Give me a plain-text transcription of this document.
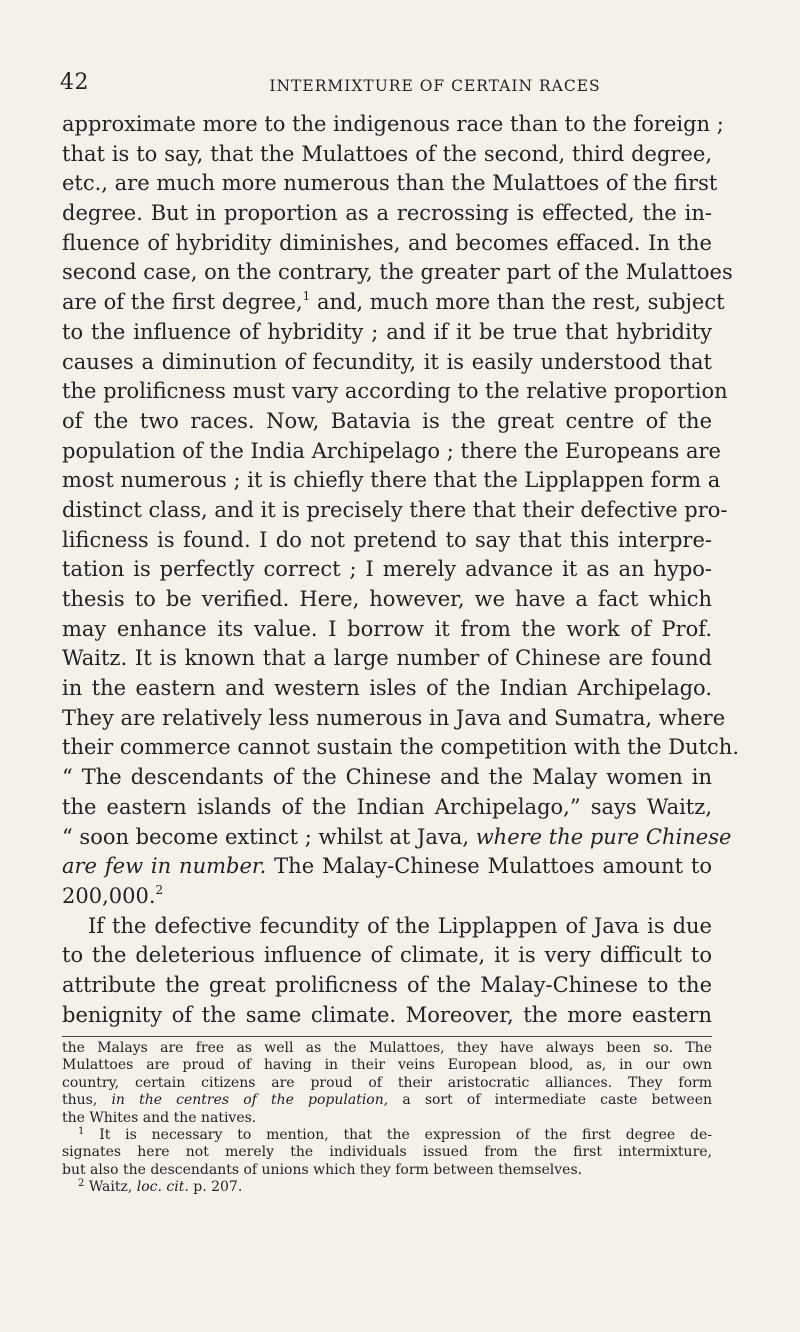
42	INTERMIXTURE OF CERTAIN RACES
approximate more to the indigenous race than to the foreign ;
that is to say, that the Mulattoes of the second, third degree,
etc., are much more numerous than the Mulattoes of the first
degree. But in proportion as a recrossing is effected, the in-
fluence of hybridity diminishes, and becomes effaced. In the
second case, on the contrary, the greater part of the Mulattoes
are of the first degree,$^1$ and, much more than the rest, subject
to the influence of hybridity ; and if it be true that hybridity
causes a diminution of fecundity, it is easily understood that
the prolificness must vary according to the relative proportion
of the two races. Now, Batavia is the great centre of the
population of the India Archipelago ; there the Europeans are
most numerous ; it is chiefly there that the Lipplappen form a
distinct class, and it is precisely there that their defective pro-
lificness is found. I do not pretend to say that this interpre-
tation is perfectly correct ; I merely advance it as an hypo-
thesis to be verified. Here, however, we have a fact which
may enhance its value. I borrow it from the work of Prof.
Waitz. It is known that a large number of Chinese are found
in the eastern and western isles of the Indian Archipelago.
They are relatively less numerous in Java and Sumatra, where
their commerce cannot sustain the competition with the Dutch.
“ The descendants of the Chinese and the Malay women in
the eastern islands of the Indian Archipelago,” says Waitz,
“ soon become extinct ; whilst at Java, where the pure Chinese
are few in number. The Malay-Chinese Mulattoes amount to
200,000.$^2$
If the defective fecundity of the Lipplappen of Java is due
to the deleterious influence of climate, it is very difficult to
attribute the great prolificness of the Malay-Chinese to the
benignity of the same climate. Moreover, the more eastern
the Malays are free as well as the Mulattoes, they have always been so. The
Mulattoes are proud of having in their veins European blood, as, in our own
country, certain citizens are proud of their aristocratic alliances. They form
thus, in the centres of the population, a sort of intermediate caste between
the Whites and the natives.
$^1$ It is necessary to mention, that the expression of the first degree de-
signates here not merely the individuals issued from the first intermixture,
but also the descendants of unions which they form between themselves.
$^2$ Waitz, loc. cit. p. 207.
